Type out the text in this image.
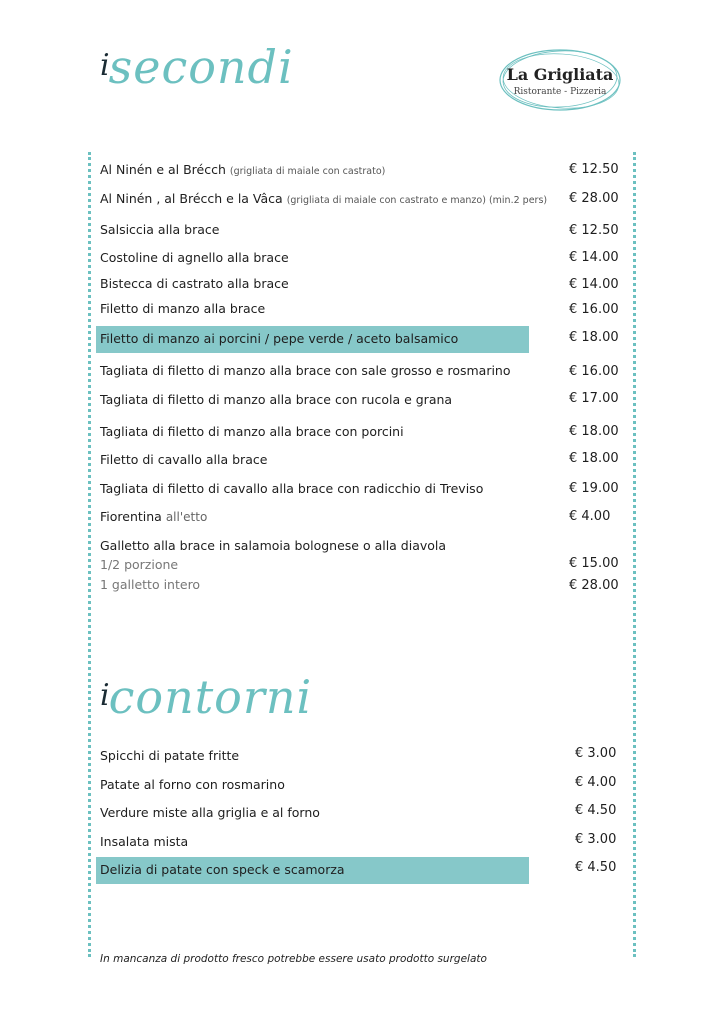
isecondi	La Grigliata
Ristorante - Pizzeria
Al Ninén e al Brécch (grigliata di maiale con castrato)	€ 12.50
Al Ninén , al Brécch e la Vâca (grigliata di maiale con castrato e manzo) (min.2 pers) € 28.00
Salsiccia alla brace	€ 12.50
Costoline di agnello alla brace	€ 14.00
Bistecca di castrato alla brace	€ 14.00
Filetto di manzo alla brace	€ 16.00
Filetto di manzo ai porcini / pepe verde / aceto balsamico	€ 18.00
Tagliata di filetto di manzo alla brace con sale grosso e rosmarino	€ 16.00
Tagliata di filetto di manzo alla brace con rucola e grana	€ 17.00
Tagliata di filetto di manzo alla brace con porcini	€ 18.00
Filetto di cavallo alla brace	€ 18.00
Tagliata di filetto di cavallo alla brace con radicchio di Treviso	€ 19.00
Fiorentina all'etto	€ 4.00
Galletto alla brace in salamoia bolognese o alla diavola
1/2 porzione	€ 15.00
1 galletto intero	€ 28.00
icontorni
Spicchi di patate fritte	€ 3.00
Patate al forno con rosmarino	€ 4.00
Verdure miste alla griglia e al forno	€ 4.50
Insalata mista	€ 3.00
Delizia di patate con speck e scamorza	€ 4.50
In mancanza di prodotto fresco potrebbe essere usato prodotto surgelato
